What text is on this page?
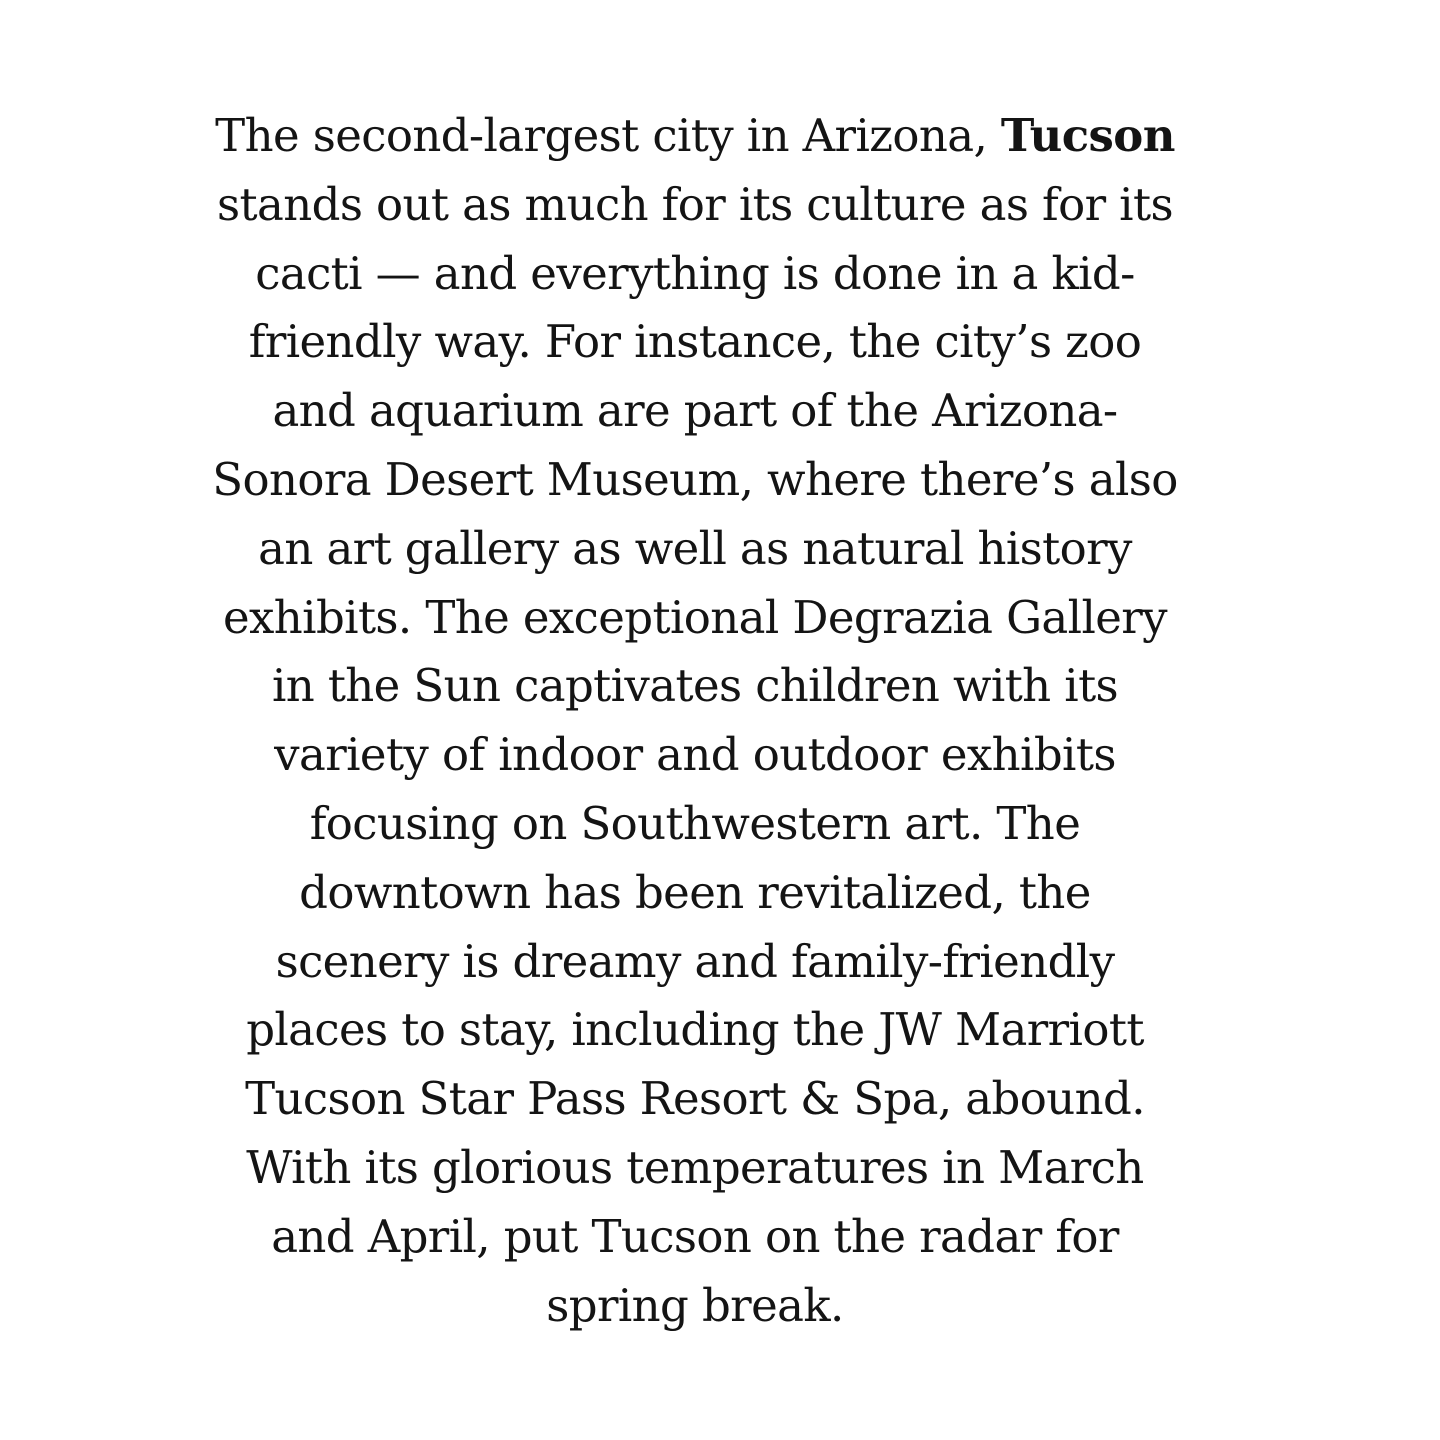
The second-largest city in Arizona, Tucson
stands out as much for its culture as for its
cacti — and everything is done in a kid-
friendly way. For instance, the city’s zoo
and aquarium are part of the Arizona-
Sonora Desert Museum, where there’s also
an art gallery as well as natural history
exhibits. The exceptional Degrazia Gallery
in the Sun captivates children with its
variety of indoor and outdoor exhibits
focusing on Southwestern art. The
downtown has been revitalized, the
scenery is dreamy and family-friendly
places to stay, including the JW Marriott
Tucson Star Pass Resort & Spa, abound.
With its glorious temperatures in March
and April, put Tucson on the radar for
spring break.
